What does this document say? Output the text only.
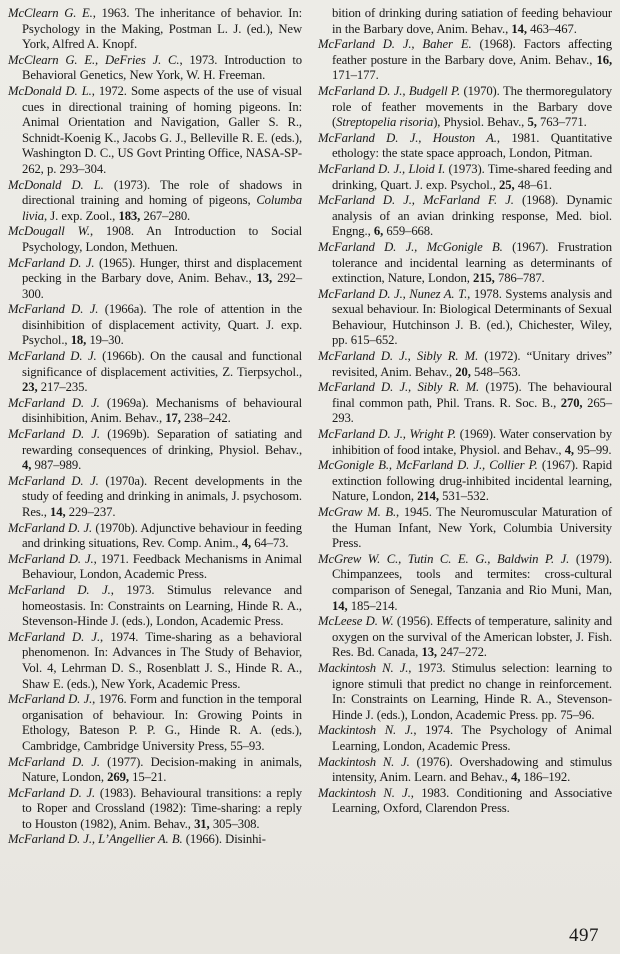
McClearn G. E., 1963. The inheritance of behavior. In: Psychology in the Making, Postman L. J. (ed.), New York, Alfred A. Knopf.

McClearn G. E., DeFries J. C., 1973. Introduction to Behavioral Genetics, New York, W. H. Freeman.

McDonald D. L., 1972. Some aspects of the use of visual cues in directional training of homing pigeons. In: Animal Orientation and Navigation, Galler S. R., Schnidt-Koenig K., Jacobs G. J., Belleville R. E. (eds.), Washington D. C., US Govt Printing Office, NASA-SP-262, p. 293–304.

McDonald D. L. (1973). The role of shadows in directional training and homing of pigeons, Columba livia, J. exp. Zool., 183, 267–280.

McDougall W., 1908. An Introduction to Social Psychology, London, Methuen.

McFarland D. J. (1965). Hunger, thirst and displacement pecking in the Barbary dove, Anim. Behav., 13, 292–300.

McFarland D. J. (1966a). The role of attention in the disinhibition of displacement activity, Quart. J. exp. Psychol., 18, 19–30.

McFarland D. J. (1966b). On the causal and functional significance of displacement activities, Z. Tierpsychol., 23, 217–235.

McFarland D. J. (1969a). Mechanisms of behavioural disinhibition, Anim. Behav., 17, 238–242.

McFarland D. J. (1969b). Separation of satiating and rewarding consequences of drinking, Physiol. Behav., 4, 987–989.

McFarland D. J. (1970a). Recent developments in the study of feeding and drinking in animals, J. psychosom. Res., 14, 229–237.

McFarland D. J. (1970b). Adjunctive behaviour in feeding and drinking situations, Rev. Comp. Anim., 4, 64–73.

McFarland D. J., 1971. Feedback Mechanisms in Animal Behaviour, London, Academic Press.

McFarland D. J., 1973. Stimulus relevance and homeostasis. In: Constraints on Learning, Hinde R. A., Stevenson-Hinde J. (eds.), London, Academic Press.

McFarland D. J., 1974. Time-sharing as a behavioral phenomenon. In: Advances in The Study of Behavior, Vol. 4, Lehrman D. S., Rosenblatt J. S., Hinde R. A., Shaw E. (eds.), New York, Academic Press.

McFarland D. J., 1976. Form and function in the temporal organisation of behaviour. In: Growing Points in Ethology, Bateson P. P. G., Hinde R. A. (eds.), Cambridge, Cambridge University Press, 55–93.

McFarland D. J. (1977). Decision-making in animals, Nature, London, 269, 15–21.

McFarland D. J. (1983). Behavioural transitions: a reply to Roper and Crossland (1982): Time-sharing: a reply to Houston (1982), Anim. Behav., 31, 305–308.

McFarland D. J., L’Angellier A. B. (1966). Disinhi-

bition of drinking during satiation of feeding behaviour in the Barbary dove, Anim. Behav., 14, 463–467.

McFarland D. J., Baher E. (1968). Factors affecting feather posture in the Barbary dove, Anim. Behav., 16, 171–177.

McFarland D. J., Budgell P. (1970). The thermoregulatory role of feather movements in the Barbary dove (Streptopelia risoria), Physiol. Behav., 5, 763–771.

McFarland D. J., Houston A., 1981. Quantitative ethology: the state space approach, London, Pitman.

McFarland D. J., Lloid I. (1973). Time-shared feeding and drinking, Quart. J. exp. Psychol., 25, 48–61.

McFarland D. J., McFarland F. J. (1968). Dynamic analysis of an avian drinking response, Med. biol. Engng., 6, 659–668.

McFarland D. J., McGonigle B. (1967). Frustration tolerance and incidental learning as determinants of extinction, Nature, London, 215, 786–787.

McFarland D. J., Nunez A. T., 1978. Systems analysis and sexual behaviour. In: Biological Determinants of Sexual Behaviour, Hutchinson J. B. (ed.), Chichester, Wiley, pp. 615–652.

McFarland D. J., Sibly R. M. (1972). “Unitary drives” revisited, Anim. Behav., 20, 548–563.

McFarland D. J., Sibly R. M. (1975). The behavioural final common path, Phil. Trans. R. Soc. B., 270, 265–293.

McFarland D. J., Wright P. (1969). Water conservation by inhibition of food intake, Physiol. and Behav., 4, 95–99.

McGonigle B., McFarland D. J., Collier P. (1967). Rapid extinction following drug-inhibited incidental learning, Nature, London, 214, 531–532.

McGraw M. B., 1945. The Neuromuscular Maturation of the Human Infant, New York, Columbia University Press.

McGrew W. C., Tutin C. E. G., Baldwin P. J. (1979). Chimpanzees, tools and termites: cross-cultural comparison of Senegal, Tanzania and Rio Muni, Man, 14, 185–214.

McLeese D. W. (1956). Effects of temperature, salinity and oxygen on the survival of the American lobster, J. Fish. Res. Bd. Canada, 13, 247–272.

Mackintosh N. J., 1973. Stimulus selection: learning to ignore stimuli that predict no change in reinforcement. In: Constraints on Learning, Hinde R. A., Stevenson-Hinde J. (eds.), London, Academic Press. pp. 75–96.

Mackintosh N. J., 1974. The Psychology of Animal Learning, London, Academic Press.

Mackintosh N. J. (1976). Overshadowing and stimulus intensity, Anim. Learn. and Behav., 4, 186–192.

Mackintosh N. J., 1983. Conditioning and Associative Learning, Oxford, Clarendon Press.

497
